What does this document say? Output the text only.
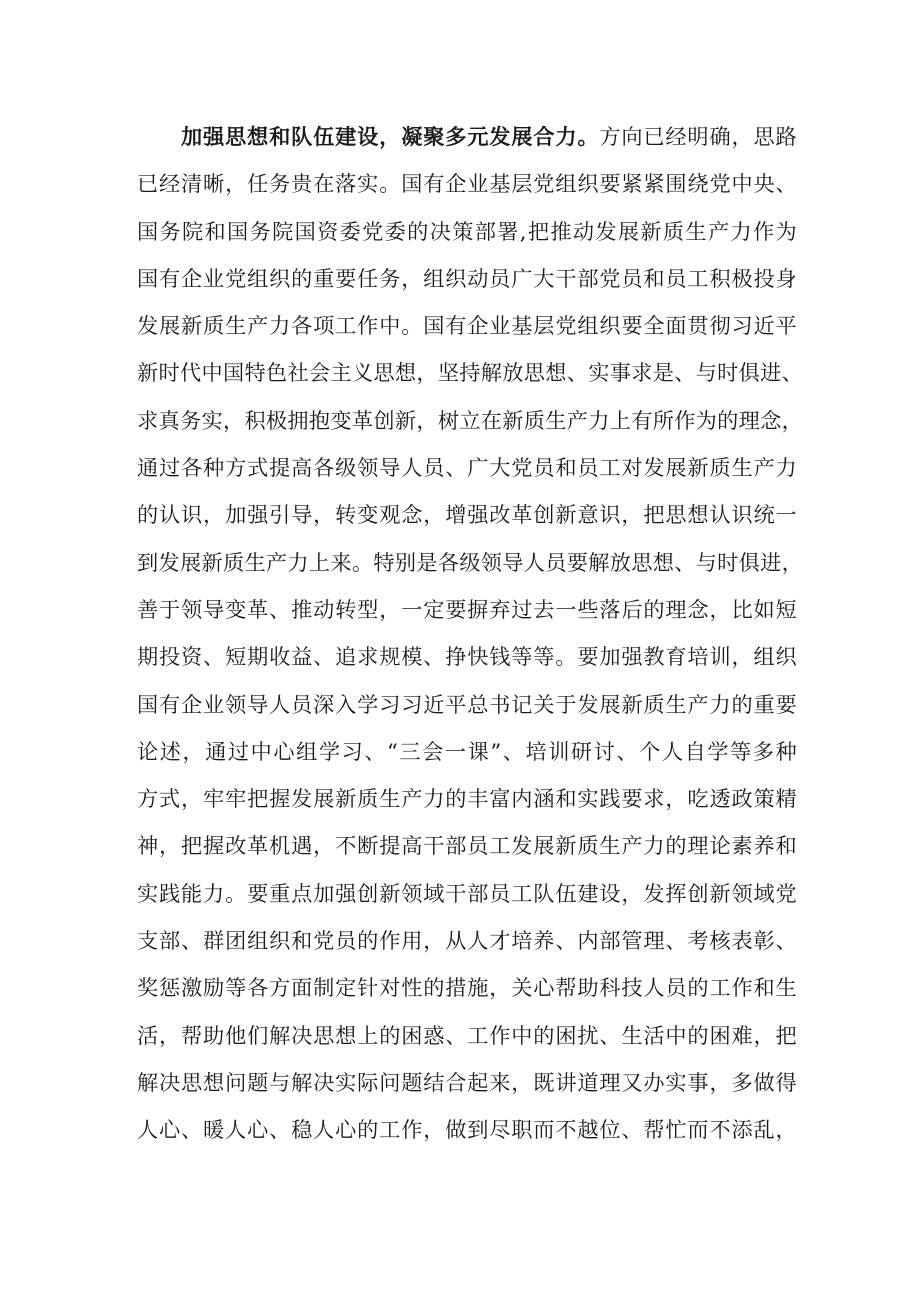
加强思想和队伍建设，凝聚多元发展合力。方向已经明确，思路
已经清晰，任务贵在落实。国有企业基层党组织要紧紧围绕党中央、
国务院和国务院国资委党委的决策部署,把推动发展新质生产力作为
国有企业党组织的重要任务，组织动员广大干部党员和员工积极投身
发展新质生产力各项工作中。国有企业基层党组织要全面贯彻习近平
新时代中国特色社会主义思想，坚持解放思想、实事求是、与时俱进、
求真务实，积极拥抱变革创新，树立在新质生产力上有所作为的理念，
通过各种方式提高各级领导人员、广大党员和员工对发展新质生产力
的认识，加强引导，转变观念，增强改革创新意识，把思想认识统一
到发展新质生产力上来。特别是各级领导人员要解放思想、与时俱进，
善于领导变革、推动转型，一定要摒弃过去一些落后的理念，比如短
期投资、短期收益、追求规模、挣快钱等等。要加强教育培训，组织
国有企业领导人员深入学习习近平总书记关于发展新质生产力的重要
论述，通过中心组学习、“三会一课”、培训研讨、个人自学等多种
方式，牢牢把握发展新质生产力的丰富内涵和实践要求，吃透政策精
神，把握改革机遇，不断提高干部员工发展新质生产力的理论素养和
实践能力。要重点加强创新领域干部员工队伍建设，发挥创新领域党
支部、群团组织和党员的作用，从人才培养、内部管理、考核表彰、
奖惩激励等各方面制定针对性的措施，关心帮助科技人员的工作和生
活，帮助他们解决思想上的困惑、工作中的困扰、生活中的困难，把
解决思想问题与解决实际问题结合起来，既讲道理又办实事，多做得
人心、暖人心、稳人心的工作，做到尽职而不越位、帮忙而不添乱，
